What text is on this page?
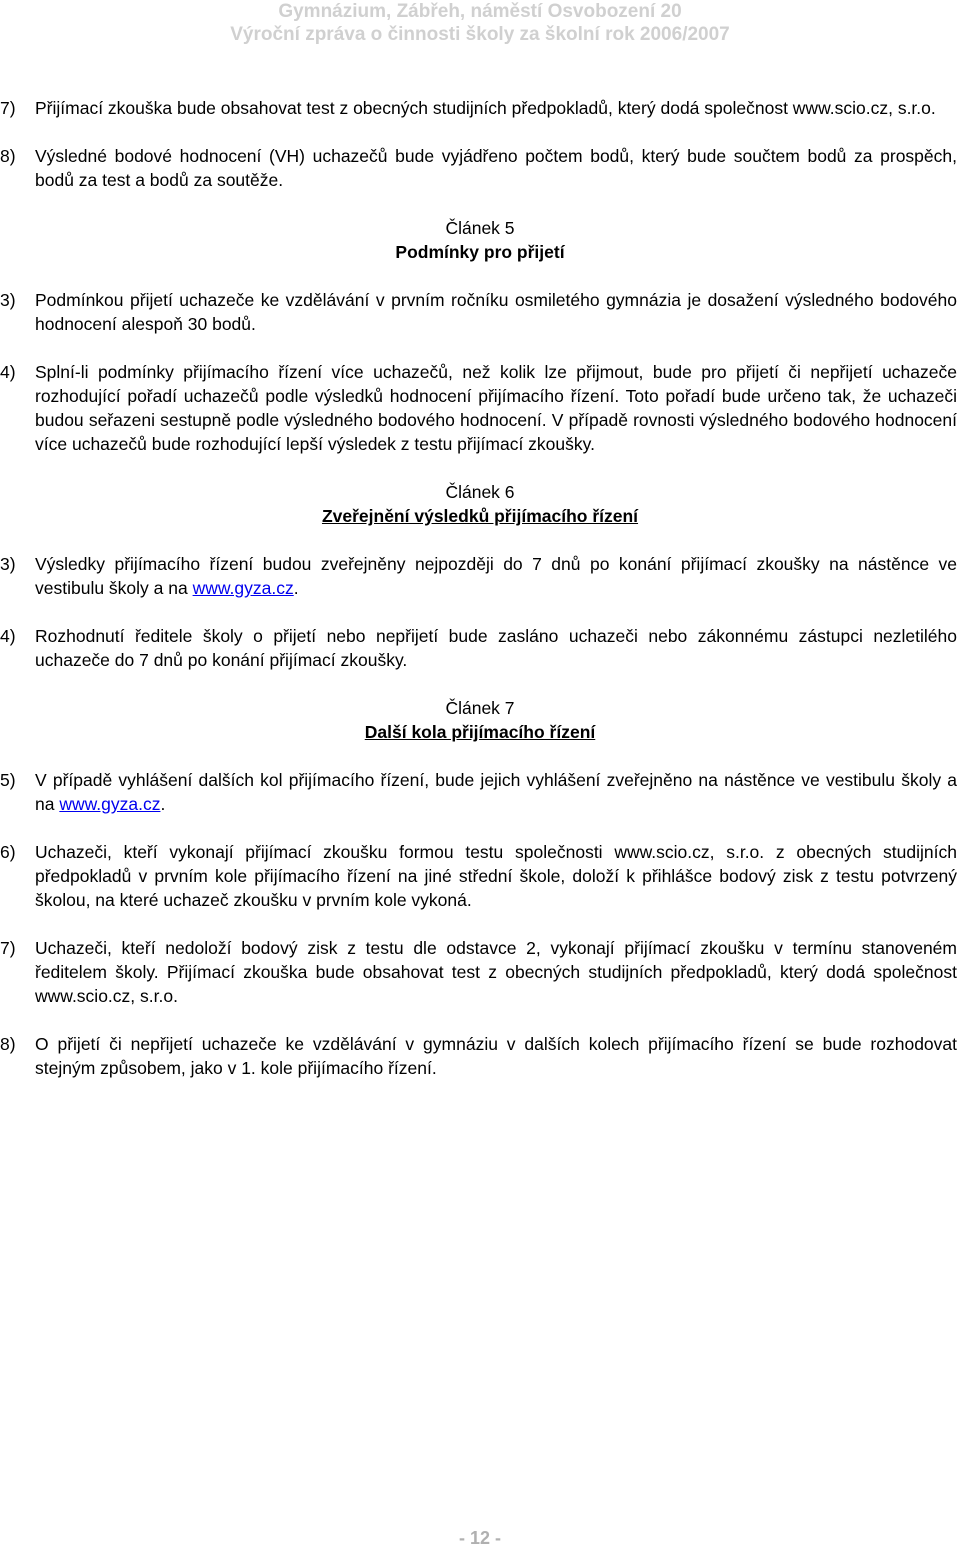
Gymnázium, Zábřeh, náměstí Osvobození 20
Výroční zpráva o činnosti školy za školní rok 2006/2007
7) Přijímací zkouška bude obsahovat test z obecných studijních předpokladů, který dodá společnost www.scio.cz, s.r.o.
8) Výsledné bodové hodnocení (VH) uchazečů bude vyjádřeno počtem bodů, který bude součtem bodů za prospěch, bodů za test a bodů za soutěže.
Článek 5
Podmínky pro přijetí
3) Podmínkou přijetí uchazeče ke vzdělávání v prvním ročníku osmiletého gymnázia je dosažení výsledného bodového hodnocení alespoň 30 bodů.
4) Splní-li podmínky přijímacího řízení více uchazečů, než kolik lze přijmout, bude pro přijetí či nepřijetí uchazeče rozhodující pořadí uchazečů podle výsledků hodnocení přijímacího řízení. Toto pořadí bude určeno tak, že uchazeči budou seřazeni sestupně podle výsledného bodového hodnocení. V případě rovnosti výsledného bodového hodnocení více uchazečů bude rozhodující lepší výsledek z testu přijímací zkoušky.
Článek 6
Zveřejnění výsledků přijímacího řízení
3) Výsledky přijímacího řízení budou zveřejněny nejpozději do 7 dnů po konání přijímací zkoušky na nástěnce ve vestibulu školy a na www.gyza.cz.
4) Rozhodnutí ředitele školy o přijetí nebo nepřijetí bude zasláno uchazeči nebo zákonnému zástupci nezletilého uchazeče do 7 dnů po konání přijímací zkoušky.
Článek 7
Další kola přijímacího řízení
5) V případě vyhlášení dalších kol přijímacího řízení, bude jejich vyhlášení zveřejněno na nástěnce ve vestibulu školy a na www.gyza.cz.
6) Uchazeči, kteří vykonají přijímací zkoušku formou testu společnosti www.scio.cz, s.r.o. z obecných studijních předpokladů v prvním kole přijímacího řízení na jiné střední škole, doloží k přihlášce bodový zisk z testu potvrzený školou, na které uchazeč zkoušku v prvním kole vykoná.
7) Uchazeči, kteří nedoloží bodový zisk z testu dle odstavce 2, vykonají přijímací zkoušku v termínu stanoveném ředitelem školy. Přijímací zkouška bude obsahovat test z obecných studijních předpokladů, který dodá společnost www.scio.cz, s.r.o.
8) O přijetí či nepřijetí uchazeče ke vzdělávání v gymnáziu v dalších kolech přijímacího řízení se bude rozhodovat stejným způsobem, jako v 1. kole přijímacího řízení.
- 12 -
